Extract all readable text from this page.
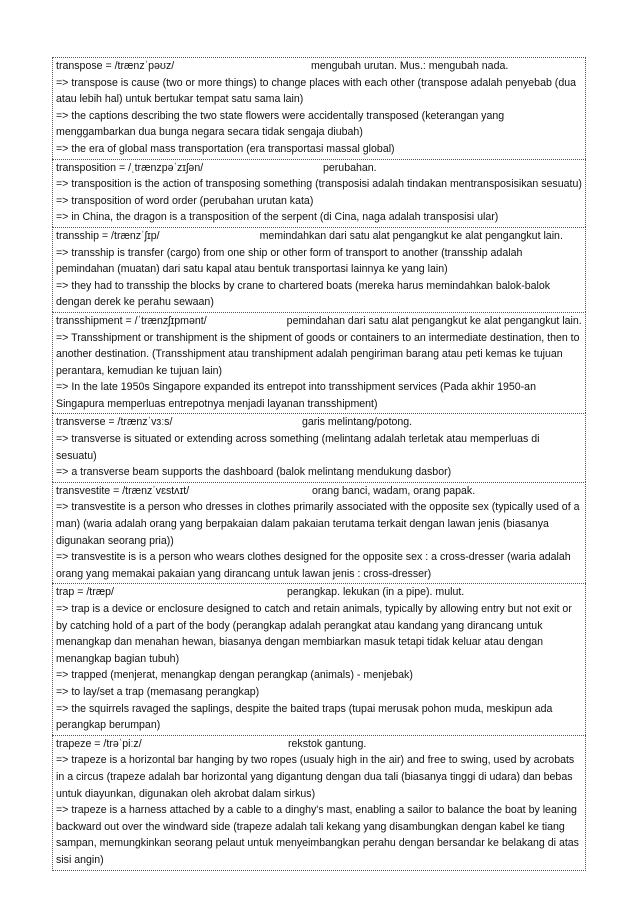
transpose = /trænzˈpəʊz/	mengubah urutan. Mus.: mengubah nada.
=> transpose is cause (two or more things) to change places with each other (transpose adalah penyebab (dua atau lebih hal) untuk bertukar tempat satu sama lain)
=> the captions describing the two state flowers were accidentally transposed (keterangan yang menggambarkan dua bunga negara secara tidak sengaja diubah)
=> the era of global mass transportation (era transportasi massal global)
transposition = /ˌtrænzpəˈzɪʃən/	perubahan.
=> transposition is the action of transposing something (transposisi adalah tindakan mentransposisikan sesuatu)
=> transposition of word order (perubahan urutan kata)
=> in China, the dragon is a transposition of the serpent (di Cina, naga adalah transposisi ular)
transship = /trænzˈʃɪp/	memindahkan dari satu alat pengangkut ke alat pengangkut lain.
=> transship is transfer (cargo) from one ship or other form of transport to another (transship adalah pemindahan (muatan) dari satu kapal atau bentuk transportasi lainnya ke yang lain)
=> they had to transship the blocks by crane to chartered boats (mereka harus memindahkan balok-balok dengan derek ke perahu sewaan)
transshipment = /ˈtrænzʃɪpmənt/	pemindahan dari satu alat pengangkut ke alat pengangkut lain.
=> Transshipment or transhipment is the shipment of goods or containers to an intermediate destination, then to another destination. (Transshipment atau transhipment adalah pengiriman barang atau peti kemas ke tujuan perantara, kemudian ke tujuan lain)
=> In the late 1950s Singapore expanded its entrepot into transshipment services (Pada akhir 1950-an Singapura memperluas entrepotnya menjadi layanan transshipment)
transverse = /trænzˈvɜːs/	garis melintang/potong.
=> transverse is situated or extending across something (melintang adalah terletak atau memperluas di sesuatu)
=> a transverse beam supports the dashboard (balok melintang mendukung dasbor)
transvestite = /trænzˈvɛstʌɪt/	orang banci, wadam, orang papak.
=> transvestite is a person who dresses in clothes primarily associated with the opposite sex (typically used of a man) (waria adalah orang yang berpakaian dalam pakaian terutama terkait dengan lawan jenis (biasanya digunakan seorang pria))
=> transvestite is is a person who wears clothes designed for the opposite sex : a cross-dresser (waria adalah orang yang memakai pakaian yang dirancang untuk lawan jenis : cross-dresser)
trap = /træp/	perangkap. lekukan (in a pipe). mulut.
=> trap is a device or enclosure designed to catch and retain animals, typically by allowing entry but not exit or by catching hold of a part of the body (perangkap adalah perangkat atau kandang yang dirancang untuk menangkap dan menahan hewan, biasanya dengan membiarkan masuk tetapi tidak keluar atau dengan menangkap bagian tubuh)
=> trapped (menjerat, menangkap dengan perangkap (animals) - menjebak)
=> to lay/set a trap (memasang perangkap)
=> the squirrels ravaged the saplings, despite the baited traps (tupai merusak pohon muda, meskipun ada perangkap berumpan)
trapeze = /trəˈpiːz/	rekstok gantung.
=> trapeze is a horizontal bar hanging by two ropes (usualy high in the air) and free to swing, used by acrobats in a circus (trapeze adalah bar horizontal yang digantung dengan dua tali (biasanya tinggi di udara) dan bebas untuk diayunkan, digunakan oleh akrobat dalam sirkus)
=> trapeze is a harness attached by a cable to a dinghy's mast, enabling a sailor to balance the boat by leaning backward out over the windward side (trapeze adalah tali kekang yang disambungkan dengan kabel ke tiang sampan, memungkinkan seorang pelaut untuk menyeimbangkan perahu dengan bersandar ke belakang di atas sisi angin)
